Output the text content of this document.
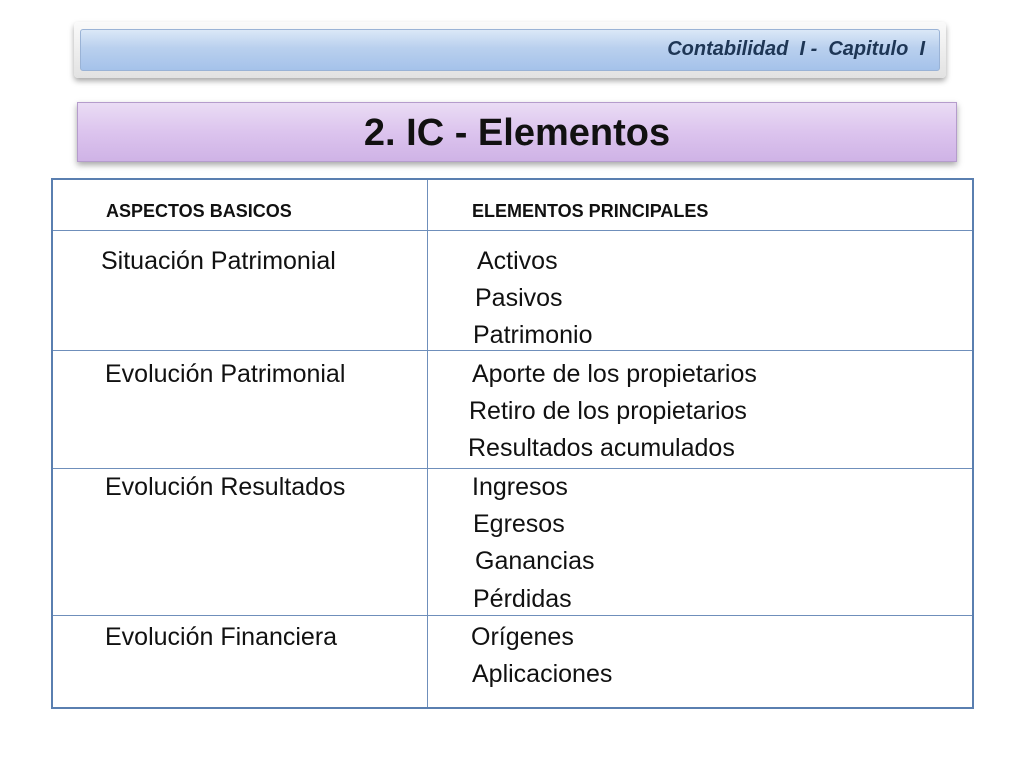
Contabilidad  I -  Capitulo  I
2. IC - Elementos
ASPECTOS BASICOS	ELEMENTOS PRINCIPALES
Situación Patrimonial	Activos
Pasivos
Patrimonio
Evolución Patrimonial	Aporte de los propietarios
Retiro de los propietarios
Resultados acumulados
Evolución Resultados	Ingresos
Egresos
Ganancias
Pérdidas
Evolución Financiera	Orígenes
Aplicaciones
